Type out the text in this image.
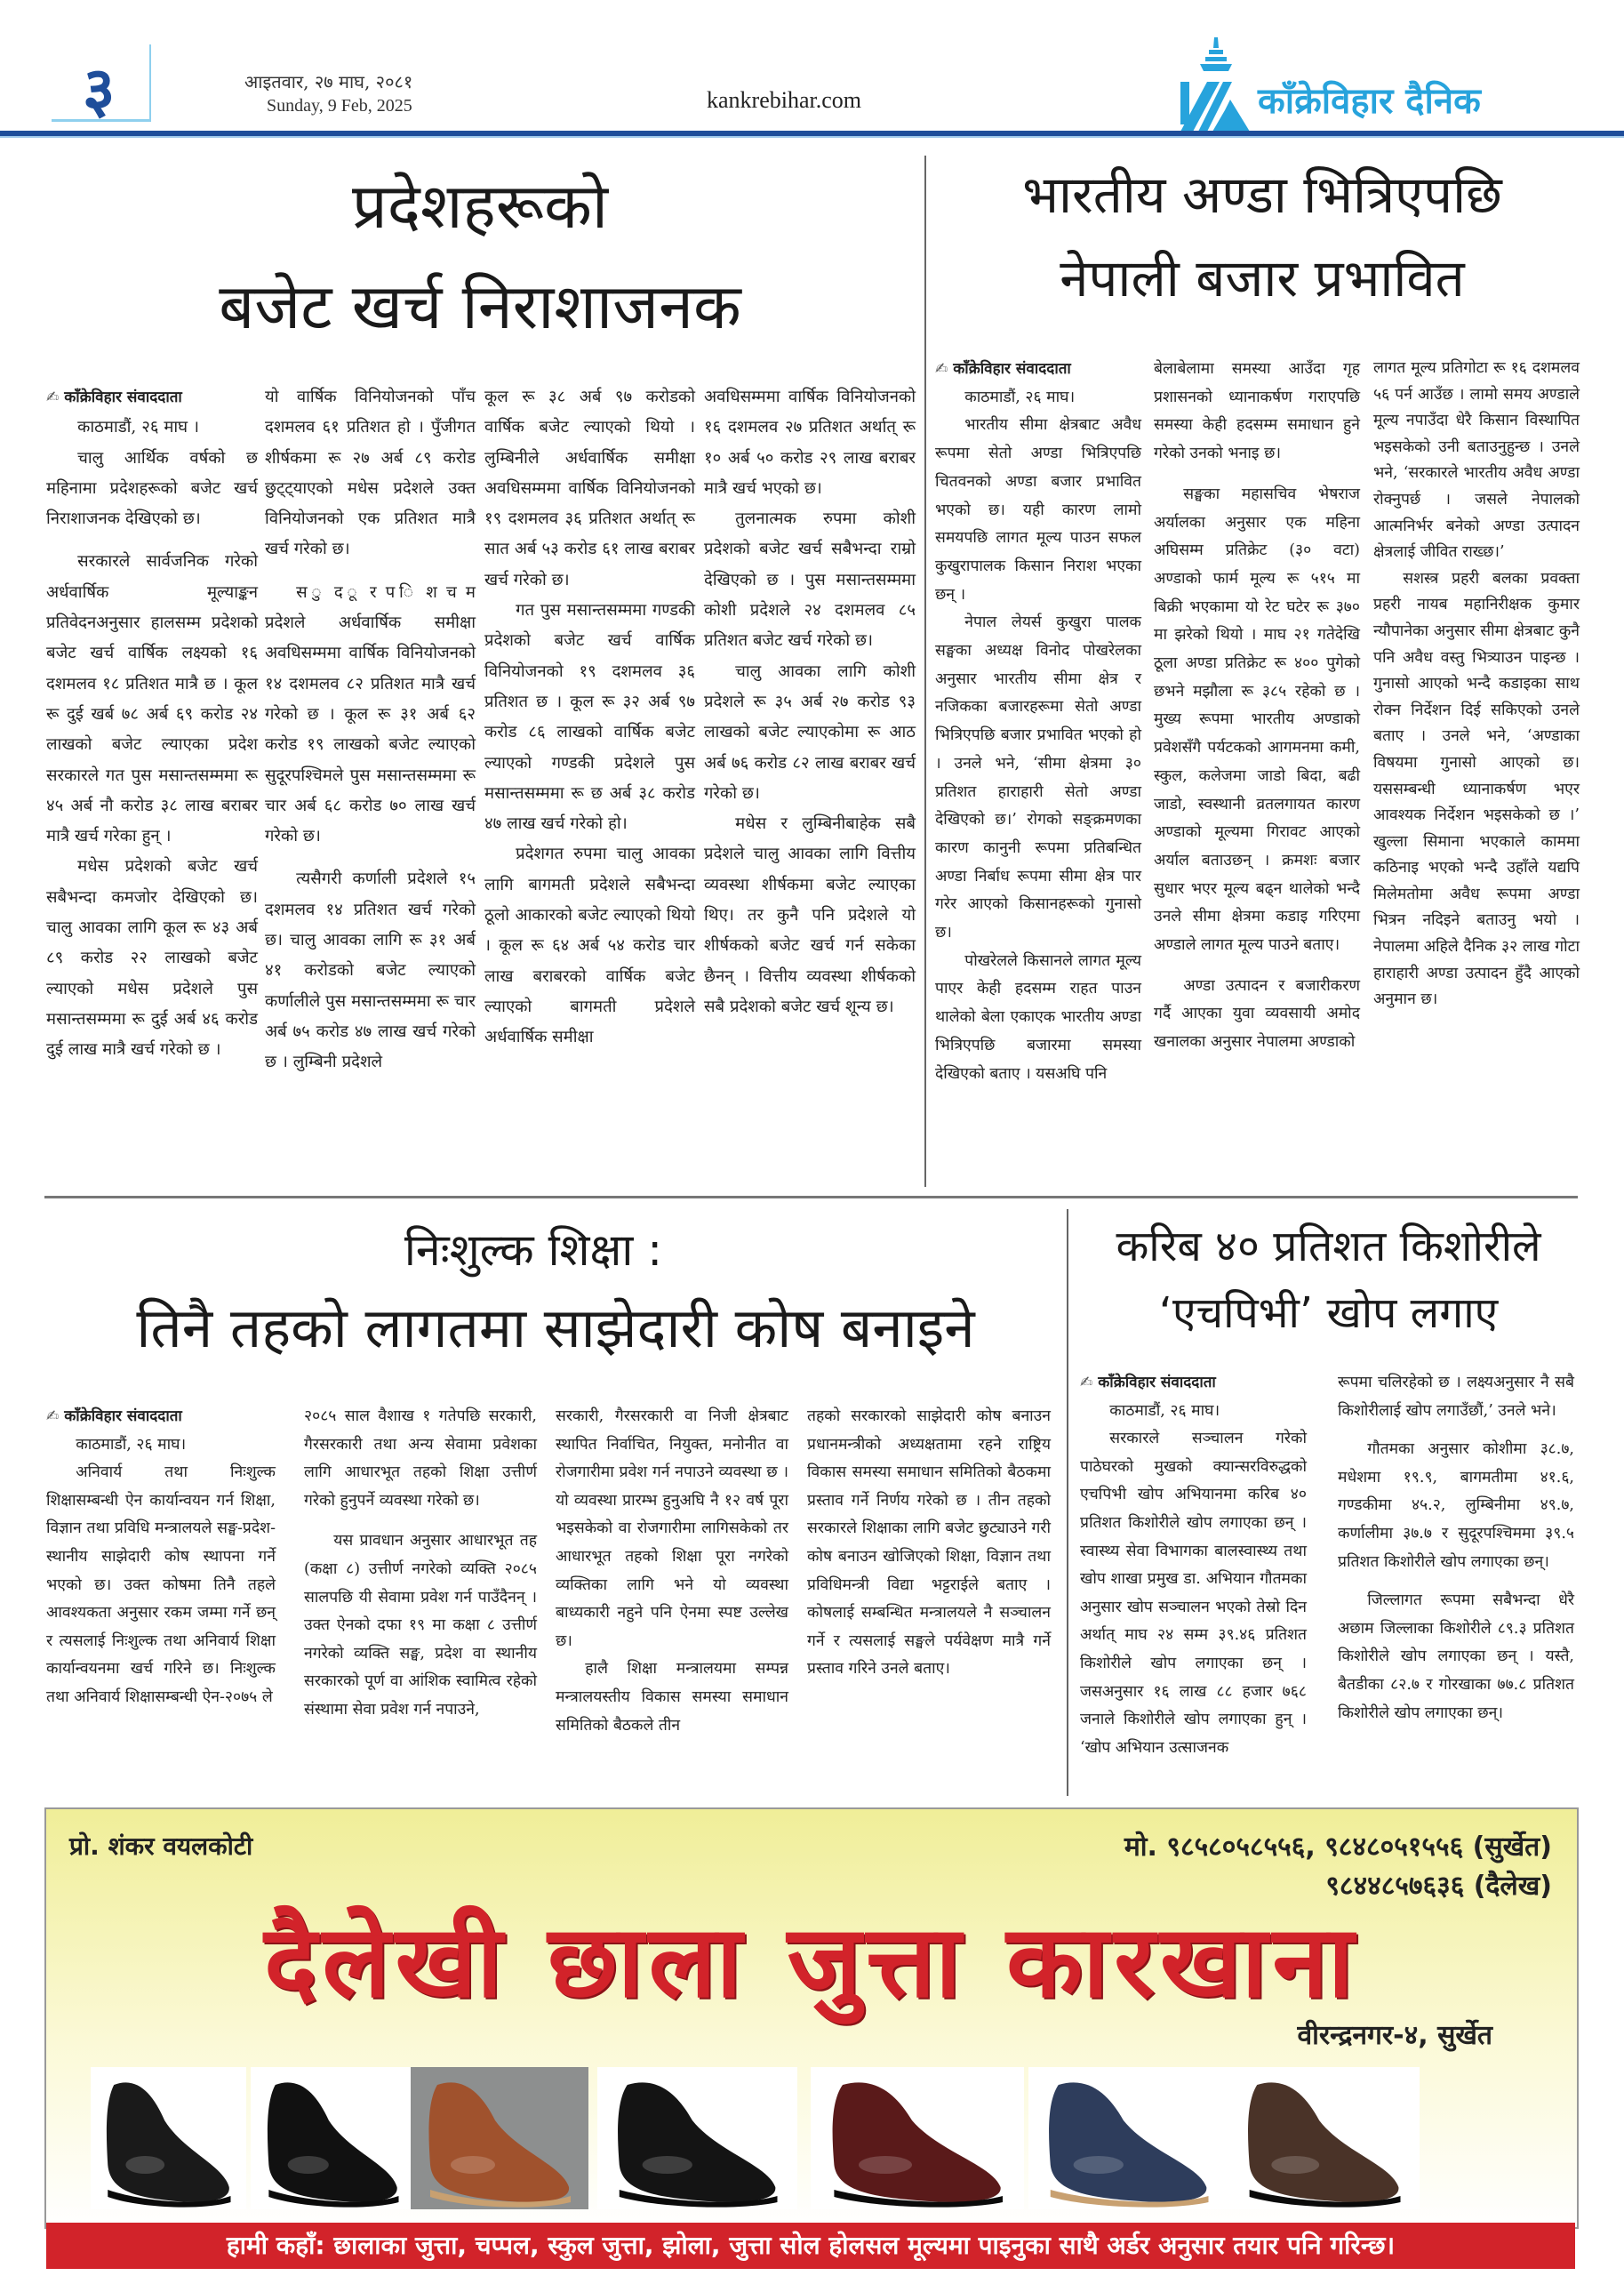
३	आइतवार, २७ माघ, २०८१
Sunday, 9 Feb, 2025	kankrebihar.com	काँक्रेविहार दैनिक
प्रदेशहरूको
बजेट खर्च निराशाजनक
✍ काँक्रेविहार संवाददाता

काठमाडौं, २६ माघ ।

चालु आर्थिक वर्षको छ महिनामा प्रदेशहरूको बजेट खर्च निराशाजनक देखिएको छ।

सरकारले सार्वजनिक गरेको अर्धवार्षिक मूल्याङ्कन प्रतिवेदनअनुसार हालसम्म प्रदेशको बजेट खर्च वार्षिक लक्ष्यको १६ दशमलव १८ प्रतिशत मात्रै छ । कूल रू दुई खर्ब ७८ अर्ब ६९ करोड २४ लाखको बजेट ल्याएका प्रदेश सरकारले गत पुस मसान्तसम्ममा रू ४५ अर्ब नौ करोड ३८ लाख बराबर मात्रै खर्च गरेका हुन् ।

मधेस प्रदेशको बजेट खर्च सबैभन्दा कमजोर देखिएको छ। चालु आवका लागि कूल रू ४३ अर्ब ८९ करोड २२ लाखको बजेट ल्याएको मधेस प्रदेशले पुस मसान्तसम्ममा रू दुई अर्ब ४६ करोड दुई लाख मात्रै खर्च गरेको छ ।

यो वार्षिक विनियोजनको पाँच दशमलव ६१ प्रतिशत हो । पुँजीगत शीर्षकमा रू २७ अर्ब ८९ करोड छुट्ट्याएको मधेस प्रदेशले उक्त विनियोजनको एक प्रतिशत मात्रै खर्च गरेको छ।

स ु द ू र प ि श च म प्रदेशले अर्धवार्षिक समीक्षा अवधिसम्ममा वार्षिक विनियोजनको १४ दशमलव ८२ प्रतिशत मात्रै खर्च गरेको छ । कूल रू ३१ अर्ब ६२ करोड १९ लाखको बजेट ल्याएको सुदूरपश्चिमले पुस मसान्तसम्ममा रू चार अर्ब ६८ करोड ७० लाख खर्च गरेको छ।

त्यसैगरी कर्णाली प्रदेशले १५ दशमलव १४ प्रतिशत खर्च गरेको छ। चालु आवका लागि रू ३१ अर्ब ४१ करोडको बजेट ल्याएको कर्णालीले पुस मसान्तसम्ममा रू चार अर्ब ७५ करोड ४७ लाख खर्च गरेको छ । लुम्बिनी प्रदेशले

कूल रू ३८ अर्ब ९७ करोडको वार्षिक बजेट ल्याएको थियो । लुम्बिनीले अर्धवार्षिक समीक्षा अवधिसम्ममा वार्षिक विनियोजनको १९ दशमलव ३६ प्रतिशत अर्थात् रू सात अर्ब ५३ करोड ६१ लाख बराबर खर्च गरेको छ।

गत पुस मसान्तसम्ममा गण्डकी प्रदेशको बजेट खर्च वार्षिक विनियोजनको १९ दशमलव ३६ प्रतिशत छ । कूल रू ३२ अर्ब ९७ करोड ८६ लाखको वार्षिक बजेट ल्याएको गण्डकी प्रदेशले पुस मसान्तसम्ममा रू छ अर्ब ३८ करोड ४७ लाख खर्च गरेको हो।

प्रदेशगत रुपमा चालु आवका लागि बागमती प्रदेशले सबैभन्दा ठूलो आकारको बजेट ल्याएको थियो । कूल रू ६४ अर्ब ५४ करोड चार लाख बराबरको वार्षिक बजेट ल्याएको बागमती प्रदेशले अर्धवार्षिक समीक्षा

अवधिसम्ममा वार्षिक विनियोजनको १६ दशमलव २७ प्रतिशत अर्थात् रू १० अर्ब ५० करोड २९ लाख बराबर मात्रै खर्च भएको छ।

तुलनात्मक रुपमा कोशी प्रदेशको बजेट खर्च सबैभन्दा राम्रो देखिएको छ । पुस मसान्तसम्ममा कोशी प्रदेशले २४ दशमलव ८५ प्रतिशत बजेट खर्च गरेको छ।

चालु आवका लागि कोशी प्रदेशले रू ३५ अर्ब २७ करोड ९३ लाखको बजेट ल्याएकोमा रू आठ अर्ब ७६ करोड ८२ लाख बराबर खर्च गरेको छ।

मधेस र लुम्बिनीबाहेक सबै प्रदेशले चालु आवका लागि वित्तीय व्यवस्था शीर्षकमा बजेट ल्याएका थिए। तर कुनै पनि प्रदेशले यो शीर्षकको बजेट खर्च गर्न सकेका छैनन् । वित्तीय व्यवस्था शीर्षकको सबै प्रदेशको बजेट खर्च शून्य छ।

भारतीय अण्डा भित्रिएपछि
नेपाली बजार प्रभावित
✍ काँक्रेविहार संवाददाता

काठमाडौं, २६ माघ।

भारतीय सीमा क्षेत्रबाट अवैध रूपमा सेतो अण्डा भित्रिएपछि चितवनको अण्डा बजार प्रभावित भएको छ। यही कारण लामो समयपछि लागत मूल्य पाउन सफल कुखुरापालक किसान निराश भएका छन् ।

नेपाल लेयर्स कुखुरा पालक सङ्घका अध्यक्ष विनोद पोखरेलका अनुसार भारतीय सीमा क्षेत्र र नजिकका बजारहरूमा सेतो अण्डा भित्रिएपछि बजार प्रभावित भएको हो । उनले भने, ‘सीमा क्षेत्रमा ३० प्रतिशत हाराहारी सेतो अण्डा देखिएको छ।’ रोगको सङ्क्रमणका कारण कानुनी रूपमा प्रतिबन्धित अण्डा निर्बाध रूपमा सीमा क्षेत्र पार गरेर आएको किसानहरूको गुनासो छ।

पोखरेलले किसानले लागत मूल्य पाएर केही हदसम्म राहत पाउन थालेको बेला एकाएक भारतीय अण्डा भित्रिएपछि बजारमा समस्या देखिएको बताए । यसअघि पनि

बेलाबेलामा समस्या आउँदा गृह प्रशासनको ध्यानाकर्षण गराएपछि समस्या केही हदसम्म समाधान हुने गरेको उनको भनाइ छ।

सङ्घका महासचिव भेषराज अर्यालका अनुसार एक महिना अघिसम्म प्रतिक्रेट (३० वटा) अण्डाको फार्म मूल्य रू ५१५ मा बिक्री भएकामा यो रेट घटेर रू ३७० मा झरेको थियो । माघ २१ गतेदेखि ठूला अण्डा प्रतिक्रेट रू ४०० पुगेको छभने मझौला रू ३८५ रहेको छ । मुख्य रूपमा भारतीय अण्डाको प्रवेशसँगै पर्यटकको आगमनमा कमी, स्कुल, कलेजमा जाडो बिदा, बढी जाडो, स्वस्थानी व्रतलगायत कारण अण्डाको मूल्यमा गिरावट आएको अर्याल बताउछन् । क्रमशः बजार सुधार भएर मूल्य बढ्न थालेको भन्दै उनले सीमा क्षेत्रमा कडाइ गरिएमा अण्डाले लागत मूल्य पाउने बताए।

अण्डा उत्पादन र बजारीकरण गर्दै आएका युवा व्यवसायी अमोद खनालका अनुसार नेपालमा अण्डाको

लागत मूल्य प्रतिगोटा रू १६ दशमलव ५६ पर्न आउँछ । लामो समय अण्डाले मूल्य नपाउँदा धेरै किसान विस्थापित भइसकेको उनी बताउनुहुन्छ । उनले भने, ‘सरकारले भारतीय अवैध अण्डा रोक्नुपर्छ । जसले नेपालको आत्मनिर्भर बनेको अण्डा उत्पादन क्षेत्रलाई जीवित राख्छ।’

सशस्त्र प्रहरी बलका प्रवक्ता प्रहरी नायब महानिरीक्षक कुमार न्यौपानेका अनुसार सीमा क्षेत्रबाट कुनै पनि अवैध वस्तु भित्र्याउन पाइन्छ । गुनासो आएको भन्दै कडाइका साथ रोक्न निर्देशन दिई सकिएको उनले बताए । उनले भने, ‘अण्डाका विषयमा गुनासो आएको छ। यससम्बन्धी ध्यानाकर्षण भएर आवश्यक निर्देशन भइसकेको छ ।’ खुल्ला सिमाना भएकाले काममा कठिनाइ भएको भन्दै उहाँले यद्यपि मिलेमतोमा अवैध रूपमा अण्डा भित्रन नदिइने बताउनु भयो । नेपालमा अहिले दैनिक ३२ लाख गोटा हाराहारी अण्डा उत्पादन हुँदै आएको अनुमान छ।

निःशुल्क शिक्षा :
तिनै तहको लागतमा साझेदारी कोष बनाइने
✍ काँक्रेविहार संवाददाता

काठमाडौं, २६ माघ।

अनिवार्य तथा निःशुल्क शिक्षासम्बन्धी ऐन कार्यान्वयन गर्न शिक्षा, विज्ञान तथा प्रविधि मन्त्रालयले सङ्घ-प्रदेश-स्थानीय साझेदारी कोष स्थापना गर्ने भएको छ। उक्त कोषमा तिनै तहले आवश्यकता अनुसार रकम जम्मा गर्ने छन् र त्यसलाई निःशुल्क तथा अनिवार्य शिक्षा कार्यान्वयनमा खर्च गरिने छ। निःशुल्क तथा अनिवार्य शिक्षासम्बन्धी ऐन-२०७५ ले

२०८५ साल वैशाख १ गतेपछि सरकारी, गैरसरकारी तथा अन्य सेवामा प्रवेशका लागि आधारभूत तहको शिक्षा उत्तीर्ण गरेको हुनुपर्ने व्यवस्था गरेको छ।

यस प्रावधान अनुसार आधारभूत तह (कक्षा ८) उत्तीर्ण नगरेको व्यक्ति २०८५ सालपछि यी सेवामा प्रवेश गर्न पाउँदैनन् । उक्त ऐनको दफा १९ मा कक्षा ८ उत्तीर्ण नगरेको व्यक्ति सङ्घ, प्रदेश वा स्थानीय सरकारको पूर्ण वा आंशिक स्वामित्व रहेको संस्थामा सेवा प्रवेश गर्न नपाउने,

सरकारी, गैरसरकारी वा निजी क्षेत्रबाट स्थापित निर्वाचित, नियुक्त, मनोनीत वा रोजगारीमा प्रवेश गर्न नपाउने व्यवस्था छ । यो व्यवस्था प्रारम्भ हुनुअघि नै १२ वर्ष पूरा भइसकेको वा रोजगारीमा लागिसकेको तर आधारभूत तहको शिक्षा पूरा नगरेको व्यक्तिका लागि भने यो व्यवस्था बाध्यकारी नहुने पनि ऐनमा स्पष्ट उल्लेख छ।

हालै शिक्षा मन्त्रालयमा सम्पन्न मन्त्रालयस्तीय विकास समस्या समाधान समितिको बैठकले तीन

तहको सरकारको साझेदारी कोष बनाउन प्रधानमन्त्रीको अध्यक्षतामा रहने राष्ट्रिय विकास समस्या समाधान समितिको बैठकमा प्रस्ताव गर्ने निर्णय गरेको छ । तीन तहको सरकारले शिक्षाका लागि बजेट छुट्याउने गरी कोष बनाउन खोजिएको शिक्षा, विज्ञान तथा प्रविधिमन्त्री विद्या भट्टराईले बताए । कोषलाई सम्बन्धित मन्त्रालयले नै सञ्चालन गर्ने र त्यसलाई सङ्घले पर्यवेक्षण मात्रै गर्ने प्रस्ताव गरिने उनले बताए।

करिब ४० प्रतिशत किशोरीले
‘एचपिभी’ खोप लगाए
✍ काँक्रेविहार संवाददाता

काठमाडौं, २६ माघ।

सरकारले सञ्चालन गरेको पाठेघरको मुखको क्यान्सरविरुद्धको एचपिभी खोप अभियानमा करिब ४० प्रतिशत किशोरीले खोप लगाएका छन् । स्वास्थ्य सेवा विभागका बालस्वास्थ्य तथा खोप शाखा प्रमुख डा. अभियान गौतमका अनुसार खोप सञ्चालन भएको तेस्रो दिन अर्थात् माघ २४ सम्म ३९.४६ प्रतिशत किशोरीले खोप लगाएका छन् । जसअनुसार १६ लाख ८८ हजार ७६८ जनाले किशोरीले खोप लगाएका हुन् । ‘खोप अभियान उत्साजनक

रूपमा चलिरहेको छ । लक्ष्यअनुसार नै सबै किशोरीलाई खोप लगाउँछौं,’ उनले भने।

गौतमका अनुसार कोशीमा ३८.७, मधेशमा १९.९, बागमतीमा ४१.६, गण्डकीमा ४५.२, लुम्बिनीमा ४९.७, कर्णालीमा ३७.७ र सुदूरपश्चिममा ३९.५ प्रतिशत किशोरीले खोप लगाएका छन्।

जिल्लागत रूपमा सबैभन्दा धेरै अछाम जिल्लाका किशोरीले ८९.३ प्रतिशत किशोरीले खोप लगाएका छन् । यस्तै, बैतडीका ८२.७ र गोरखाका ७७.८ प्रतिशत किशोरीले खोप लगाएका छन्।

प्रो. शंकर वयलकोटी	मो. ९८५८०५८५५६, ९८४८०५१५५६ (सुर्खेत)
९८४४८५७६३६ (दैलेख)
दैलेखी छाला जुत्ता कारखाना
वीरन्द्रनगर-४, सुर्खेत
हामी कहाँ: छालाका जुत्ता, चप्पल, स्कुल जुत्ता, झोला, जुत्ता सोल होलसल मूल्यमा पाइनुका साथै अर्डर अनुसार तयार पनि गरिन्छ।
